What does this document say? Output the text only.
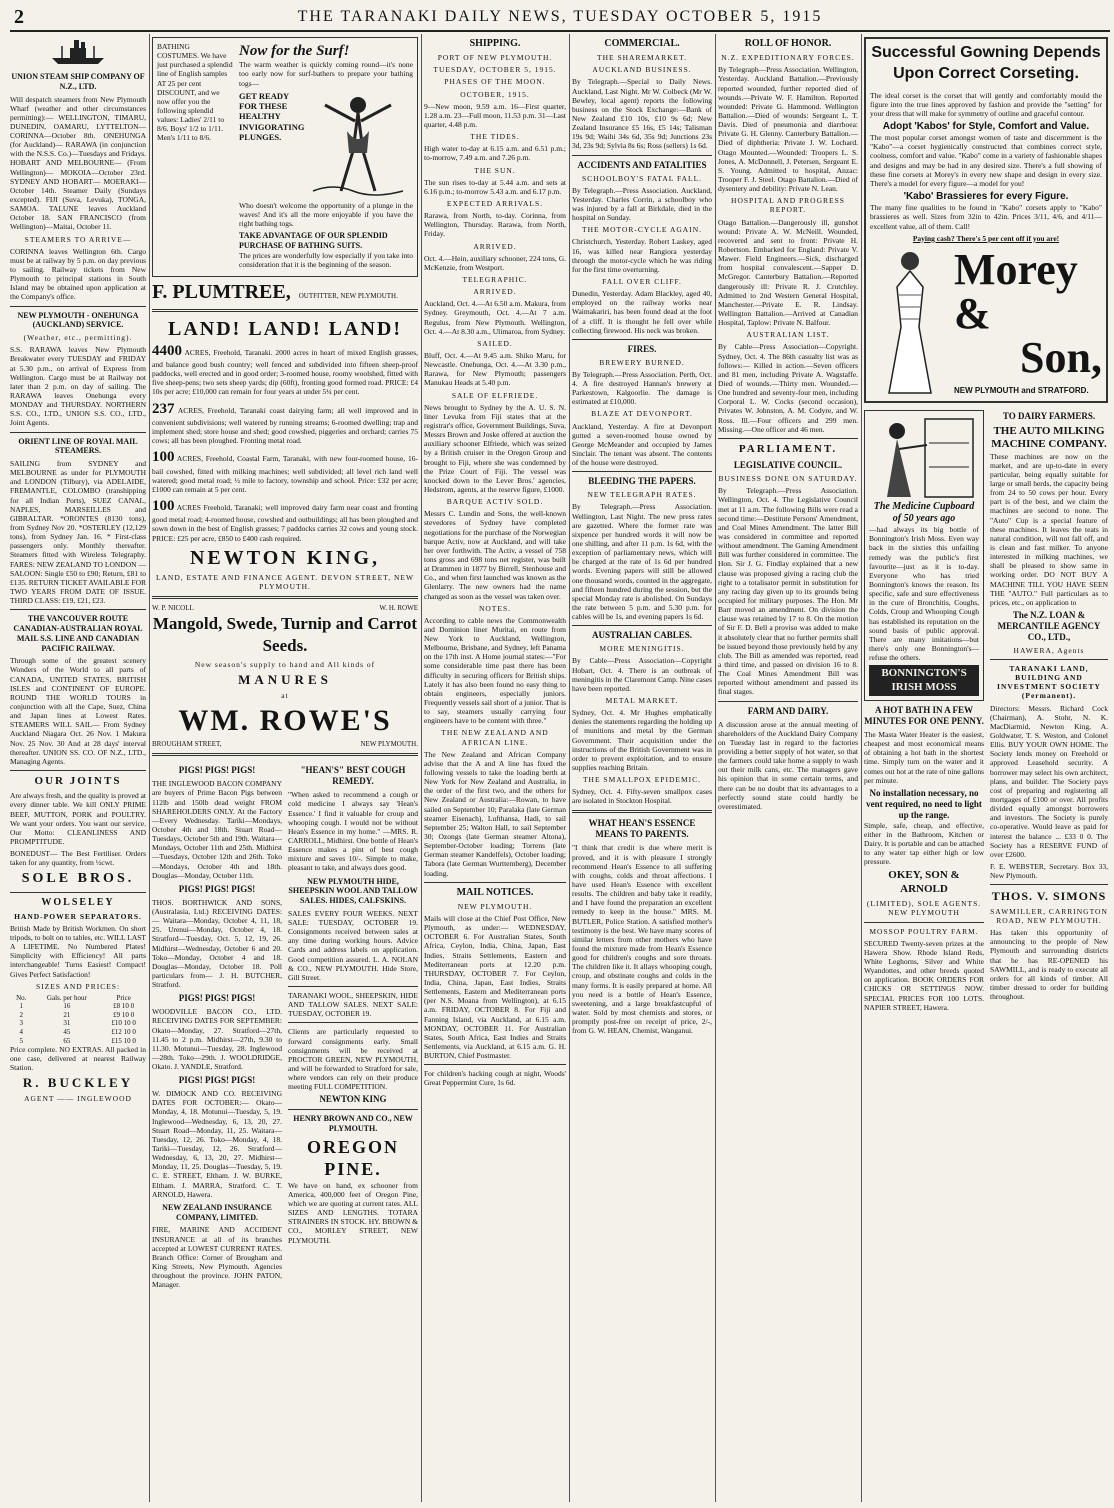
2	THE TARANAKI DAILY NEWS, TUESDAY OCTOBER 5, 1915
UNION STEAM SHIP COMPANY OF N.Z., LTD.

Will despatch steamers from New Plymouth Wharf (weather and other circumstances permitting):— WELLINGTON, TIMARU, DUNEDIN, OAMARU, LYTTELTON— CORINNA—October 8th. ONEHUNGA (for Auckland)— RARAWA (in conjunction with the N.S.S. Co.)—Tuesdays and Fridays. HOBART AND MELBOURNE— (From Wellington)— MOKOIA—October 23rd. SYDNEY AND HOBART— MOERAKI—October 14th. Steamer Daily (Sundays excepted). FIJI (Suva, Levuka), TONGA, SAMOA. TALUNE leaves Auckland October 18. SAN FRANCISCO (from Wellington)—Maitai, October 11.

STEAMERS TO ARRIVE—

CORINNA leaves Wellington 6th. Cargo must be at railway by 5 p.m. on day previous to sailing. Railway tickets from New Plymouth to principal stations in South Island may be obtained upon application at the Company's office.

NEW PLYMOUTH - ONEHUNGA (AUCKLAND) SERVICE.
(Weather, etc., permitting).

S.S. RARAWA leaves New Plymouth Breakwater every TUESDAY and FRIDAY at 5.30 p.m., on arrival of Express from Wellington. Cargo must be at Railway not later than 2 p.m. on day of sailing. The RARAWA leaves Onehunga every MONDAY and THURSDAY. NORTHERN S.S. CO., LTD., UNION S.S. CO., LTD., Joint Agents.

ORIENT LINE OF ROYAL MAIL STEAMERS.

SAILING from SYDNEY and MELBOURNE as under for PLYMOUTH and LONDON (Tilbury), via ADELAIDE, FREMANTLE, COLOMBO (transhipping for all Indian Ports), SUEZ CANAL, NAPLES, MARSEILLES and GIBRALTAR. *ORONTES (8130 tons), from Sydney Nov 20. *OSTERLEY (12,129 tons), from Sydney Jan. 16. * First-class passengers only. Monthly thereafter. Steamers fitted with Wireless Telegraphy. FARES: NEW ZEALAND TO LONDON —SALOON: Single £50 to £90; Return, £81 to £135. RETURN TICKET AVAILABLE FOR TWO YEARS FROM DATE OF ISSUE. THIRD CLASS: £19, £21, £23.

THE VANCOUVER ROUTE CANADIAN-AUSTRALIAN ROYAL MAIL S.S. LINE AND CANADIAN PACIFIC RAILWAY.

Through some of the greatest scenery Wonders of the World to all parts of CANADA, UNITED STATES, BRITISH ISLES and CONTINENT OF EUROPE. ROUND THE WORLD TOURS in conjunction with all the Cape, Suez, China and Japan lines at Lowest Rates. STEAMERS WILL SAIL— From Sydney Auckland Niagara Oct. 26 Nov. 1 Makura Nov. 25 Nov. 30 And at 28 days' interval thereafter. UNION SS. CO. OF N.Z., LTD., Managing Agents.

OUR JOINTS

Are always fresh, and the quality is proved at every dinner table. We kill ONLY PRIME BEEF, MUTTON, PORK and POULTRY. We want your orders. You want our service. Our Motto: CLEANLINESS AND PROMPTITUDE.

BONEDUST— The Best Fertiliser. Orders taken for any quantity, from ½cwt.

SOLE BROS.
WOLSELEY
HAND-POWER SEPARATORS.

British Made by British Workmen. On short tripods, to bolt on to tables, etc. WILL LAST A LIFETIME. No Numbered Plates! Simplicity with Efficiency! All parts interchangeable! Turns Easiest! Compact! Gives Perfect Satisfaction!

SIZES AND PRICES:
No.	Gals. per hour	Price
1	16	£8 10 0
2	21	£9 10 0
3	31	£10 10 0
4	45	£12 10 0
5	65	£15 10 0

Price complete. NO EXTRAS. All packed in one case, delivered at nearest Railway Station.

R. BUCKLEY
AGENT —— INGLEWOOD
BATHING COSTUMES. We have just purchased a splendid line of English samples AT 25 per cent DISCOUNT, and we now offer you the following splendid values: Ladies' 2/11 to 8/6. Boys' 1/2 to 1/11. Men's 1/11 to 8/6.
Now for the Surf!

The warm weather is quickly coming round—it's none too early now for surf-bathers to prepare your bathing togs—

GET READY FOR THESE HEALTHY INVIGORATING PLUNGES.

Who doesn't welcome the opportunity of a plunge in the waves! And it's all the more enjoyable if you have the right bathing togs.

TAKE ADVANTAGE OF OUR SPLENDID PURCHASE OF BATHING SUITS.

The prices are wonderfully low especially if you take into consideration that it is the beginning of the season.

F. PLUMTREE, OUTFITTER, NEW PLYMOUTH.
LAND! LAND! LAND!

4400 ACRES, Freehold, Taranaki. 2000 acres in heart of mixed English grasses, and balance good bush country; well fenced and subdivided into fifteen sheep-proof paddocks, well erected and in good order; 3-roomed house, roomy woolshed, fitted with five sheep-pens; two sets sheep yards; dip (60ft), fronting good formed road. PRICE: £4 10s per acre; £10,000 can remain for four years at under 5¼ per cent.

237 ACRES, Freehold, Taranaki coast dairying farm; all well improved and in convenient subdivisions; well watered by running streams; 6-roomed dwelling; trap and implement shed; store house and shed; good cowshed, piggeries and orchard; carries 75 cows; all has been ploughed. Fronting metal road.

100 ACRES, Freehold, Coastal Farm, Taranaki, with new four-roomed house, 16-bail cowshed, fitted with milking machines; well subdivided; all level rich land well watered; good metal road; ½ mile to factory, township and school. Price: £32 per acre; £1000 can remain at 5 per cent.

100 ACRES Freehold, Taranaki; well improved dairy farm near coast and fronting good metal road; 4-roomed house, cowshed and outbuildings; all has been ploughed and sown down in the best of English grasses; 7 paddocks carries 32 cows and young stock. PRICE: £25 per acre, £850 to £400 cash required.

NEWTON KING,
LAND, ESTATE AND FINANCE AGENT. DEVON STREET, NEW PLYMOUTH.
W. P. NICOLL	W. H. ROWE
Mangold, Swede, Turnip and Carrot Seeds.
New season's supply to hand and All kinds of
MANURES
at
WM. ROWE'S
BROUGHAM STREET,	NEW PLYMOUTH.
PIGS! PIGS! PIGS!

THE INGLEWOOD BACON COMPANY are buyers of Prime Bacon Pigs between 112lb and 150lb dead weight FROM SHAREHOLDERS ONLY. At the Factory—Every Wednesday. Tariki—Mondays, October 4th and 18th. Stuart Road—Tuesdays, October 5th and 19th. Waitara—Mondays, October 11th and 25th. Midhirst—Tuesdays, October 12th and 26th. Toko—Mondays, October 4th and 18th. Douglas—Monday, October 11th.

PIGS! PIGS! PIGS!

THOS. BORTHWICK AND SONS, (Australasia, Ltd.) RECEIVING DATES:— Waitara—Monday, October 4, 11, 18, 25. Urenui—Monday, October 4, 18. Stratford—Tuesday, Oct. 5, 12, 19, 26. Midhirst—Wednesday, October 6 and 20. Toko—Monday, October 4 and 18. Douglas—Monday, October 18. Poll particulars from— J. H. BUTCHER, Stratford.

PIGS! PIGS! PIGS!

WOODVILLE BACON CO., LTD. RECEIVING DATES FOR SEPTEMBER: Okato—Monday, 27. Stratford—27th, 11.45 to 2 p.m. Midhirst—27th, 9.30 to 11.30. Motunui—Tuesday, 28. Inglewood—28th. Toko—29th. J. WOOLDRIDGE, Okato. J. YANDLE, Stratford.

PIGS! PIGS! PIGS!

W. DIMOCK AND CO. RECEIVING DATES FOR OCTOBER:— Okato—Monday, 4, 18. Motunui—Tuesday, 5, 19. Inglewood—Wednesday, 6, 13, 20, 27. Stuart Road—Monday, 11, 25. Waitara—Tuesday, 12, 26. Toko—Monday, 4, 18. Tariki—Tuesday, 12, 26. Stratford—Wednesday, 6, 13, 20, 27. Midhirst—Monday, 11, 25. Douglas—Tuesday, 5, 19. C. E. STREET, Eltham. J. W. BURKE, Eltham. J. MARRA, Stratford. C. T. ARNOLD, Hawera.

NEW ZEALAND INSURANCE COMPANY, LIMITED.

FIRE, MARINE AND ACCIDENT INSURANCE at all of its branches accepted at LOWEST CURRENT RATES. Branch Office: Corner of Brougham and King Streets, New Plymouth. Agencies throughout the province. JOHN PATON, Manager.

"HEAN'S" BEST COUGH REMEDY.

"When asked to recommend a cough or cold medicine I always say 'Hean's Essence.' I find it valuable for croup and whooping cough. I would not be without Hean's Essence in my home." —MRS. R. CARROLL, Midhirst. One bottle of Hean's Essence makes a pint of best cough mixture and saves 10/-. Simple to make, pleasant to take, and always does good.

NEW PLYMOUTH HIDE, SHEEPSKIN WOOL AND TALLOW SALES. HIDES, CALFSKINS.

SALES EVERY FOUR WEEKS. NEXT SALE: TUESDAY, OCTOBER 19. Consignments received between sales at any time during working hours. Advice Cards and address labels on application. Good competition assured. L. A. NOLAN & CO., NEW PLYMOUTH. Hide Store, Gill Street.

TARANAKI WOOL, SHEEPSKIN, HIDE AND TALLOW SALES. NEXT SALE: TUESDAY, OCTOBER 19.

Clients are particularly requested to forward consignments early. Small consignments will be received at PROCTOR GREEN, NEW PLYMOUTH, and will be forwarded to Stratford for sale, where vendors can rely on their produce meeting FULL COMPETITION.

NEWTON KING
HENRY BROWN AND CO., NEW PLYMOUTH.
OREGON PINE.

We have on hand, ex schooner from America, 400,000 feet of Oregon Pine, which we are quoting at current rates. ALL SIZES AND LENGTHS. TOTARA STRAINERS IN STOCK. HY. BROWN & CO., MORLEY STREET, NEW PLYMOUTH.

SHIPPING.
PORT OF NEW PLYMOUTH.
TUESDAY, OCTOBER 5, 1915.
PHASES OF THE MOON.
OCTOBER, 1915.

9—New moon, 9.59 a.m. 16—First quarter, 1.28 a.m. 23—Full moon, 11.53 p.m. 31—Last quarter, 4.48 p.m.

THE TIDES.

High water to-day at 6.15 a.m. and 6.51 p.m.; to-morrow, 7.49 a.m. and 7.26 p.m.

THE SUN.

The sun rises to-day at 5.44 a.m. and sets at 6.16 p.m.; to-morrow 5.43 a.m. and 6.17 p.m.

EXPECTED ARRIVALS.

Rarawa, from North, to-day. Corinna, from Wellington, Thursday. Rarawa, from North, Friday.

ARRIVED.

Oct. 4.—Hein, auxiliary schooner, 224 tons, G. McKenzie, from Westport.

TELEGRAPHIC.
ARRIVED.

Auckland, Oct. 4.—At 6.50 a.m. Makura, from Sydney. Greymouth, Oct. 4.—At 7 a.m. Regulus, from New Plymouth. Wellington, Oct. 4.—At 8.30 a.m., Ulimaroa, from Sydney.

SAILED.

Bluff, Oct. 4.—At 9.45 a.m. Shiko Maru, for Newcastle. Onehunga, Oct. 4.—At 3.30 p.m., Rarawa, for New Plymouth; passengers Manukau Heads at 5.40 p.m.

SALE OF ELFRIEDE.

News brought to Sydney by the A. U. S. N. liner Levuka from Fiji states that at the registrar's office, Government Buildings, Suva, Messrs Brown and Joske offered at auction the auxiliary schooner Elfriede, which was seized by a British cruiser in the Oregon Group and brought to Fiji, where she was condemned by the Prize Court of Fiji. The vessel was knocked down to the Lever Bros.' agencies, Hedstrom, agents, at the reserve figure, £1000.

BARQUE ACTIV SOLD.

Messrs C. Lundin and Sons, the well-known stevedores of Sydney have completed negotiations for the purchase of the Norwegian barque Activ, now at Auckland, and will take her over forthwith. The Activ, a vessel of 758 tons gross and 698 tons net register, was built at Drammen in 1877 by Birrell, Stenhouse and Co., and when first launched was known as the Glenlarry. The new owners had the name changed as soon as the vessel was taken over.

NOTES.

According to cable news the Commonwealth and Dominion liner Muritai, en route from New York to Auckland, Wellington, Melbourne, Brisbane, and Sydney, left Panama on the 17th inst. A Home journal states:—"For some considerable time past there has been difficulty in securing officers for British ships. Lately it has also been found no easy thing to obtain engineers, especially juniors. Frequently vessels sail short of a junior. That is to say, steamers usually carrying four engineers have to be content with three."

THE NEW ZEALAND AND AFRICAN LINE.

The New Zealand and African Company advise that the A and A line has fixed the following vessels to take the loading berth at New York for New Zealand and Australia, in the order of the first two, and the others for New Zealand or Australia:—Rowan, to have sailed on September 10; Paralaka (late German steamer Eisenach), Lufthansa, Hadi, to sail September 25; Walton Hall, to sail September 30; Ozongs (late German steamer Altona), September-October loading; Torrens (late German steamer Kandelfels), October loading; Tabora (late German Wurttemberg), December loading.

MAIL NOTICES.
NEW PLYMOUTH.

Mails will close at the Chief Post Office, New Plymouth, as under:— WEDNESDAY, OCTOBER 6. For Australian States, South Africa, Ceylon, India, China, Japan, East Indies, Straits Settlements, Eastern and Mediterranean ports at 12.20 p.m. THURSDAY, OCTOBER 7. For Ceylon, India, China, Japan, East Indies, Straits Settlements, Eastern and Mediterranean ports (per N.S. Moana from Wellington), at 6.15 a.m. FRIDAY, OCTOBER 8. For Fiji and Fanning Island, via Auckland, at 6.15 a.m. MONDAY, OCTOBER 11. For Australian States, South Africa, East Indies and Straits Settlements, via Auckland, at 6.15 a.m. G. H. BURTON, Chief Postmaster.

For children's hacking cough at night, Woods' Great Peppermint Cure, 1s 6d.

COMMERCIAL.
THE SHAREMARKET.
AUCKLAND BUSINESS.

By Telegraph.—Special to Daily News. Auckland, Last Night. Mr W. Colbeck (Mr W. Bewley, local agent) reports the following business on the Stock Exchange:—Bank of New Zealand £10 10s, £10 9s 6d; New Zealand Insurance £5 16s, £5 14s; Talisman 19s 9d; Waihi 34s 6d, 35s 9d; Junctions 23s 3d, 23s 9d; Sylvia 8s 6s; Ross (sellers) 1s 6d.

ACCIDENTS AND FATALITIES
SCHOOLBOY'S FATAL FALL.

By Telegraph.—Press Association. Auckland, Yesterday. Charles Corrin, a schoolboy who was injured by a fall at Birkdale, died in the hospital on Sunday.

THE MOTOR-CYCLE AGAIN.

Christchurch, Yesterday. Robert Laskey, aged 16, was killed near Rangiora yesterday through the motor-cycle which he was riding for the first time overturning.

FALL OVER CLIFF.

Dunedin, Yesterday. Adam Blackley, aged 40, employed on the railway works near Waimakariri, has been found dead at the foot of a cliff. It is thought he fell over while collecting firewood. His neck was broken.

FIRES.
BREWERY BURNED.

By Telegraph.—Press Association. Perth, Oct. 4. A fire destroyed Hannan's brewery at Parkestown, Kalgoorlie. The damage is estimated at £10,000.

BLAZE AT DEVONPORT.

Auckland, Yesterday. A fire at Devonport gutted a seven-roomed house owned by George McMeander and occupied by James Sinclair. The tenant was absent. The contents of the house were destroyed.

BLEEDING THE PAPERS.
NEW TELEGRAPH RATES.

By Telegraph.—Press Association. Wellington, Last Night. The new press rates are gazetted. Where the former rate was sixpence per hundred words it will now be one shilling, and after 11 p.m. 1s 6d, with the exception of parliamentary news, which will be charged at the rate of 1s 6d per hundred words. Evening papers will still be allowed one thousand words, counted in the aggregate, and fifteen hundred during the session, but the special Monday rate is abolished. On Sundays the rate between 5 p.m. and 5.30 p.m. for cables will be 1s, and evening papers 1s 6d.

AUSTRALIAN CABLES.
MORE MENINGITIS.

By Cable—Press Association—Copyright Hobart, Oct. 4. There is an outbreak of meningitis in the Claremont Camp. Nine cases have been reported.

METAL MARKET.

Sydney, Oct. 4. Mr Hughes emphatically denies the statements regarding the holding up of munitions and metal by the German Government. Their acquisition under the instructions of the British Government was in order to prevent exploitation, and to ensure supplies reaching Britain.

THE SMALLPOX EPIDEMIC.

Sydney, Oct. 4. Fifty-seven smallpox cases are isolated in Stockton Hospital.

WHAT HEAN'S ESSENCE MEANS TO PARENTS.

"I think that credit is due where merit is proved, and it is with pleasure I strongly recommend Hean's Essence to all suffering with coughs, colds and throat affections. I have used Hean's Essence with excellent results. The children and baby take it readily, and I have found the preparation an excellent remedy to keep in the house." MRS. M. BUTLER, Police Station. A satisfied mother's testimony is the best. We have many scores of similar letters from other mothers who have found the mixture made from Hean's Essence good for children's coughs and sore throats. The children like it. It allays whooping cough, croup, and obstinate coughs and colds in the many forms. It is easily prepared at home. All you need is a bottle of Hean's Essence, sweetening, and a large breakfastcupful of water. Sold by most chemists and stores, or promptly post-free on receipt of price, 2/-, from G. W. HEAN, Chemist, Wanganui.

ROLL OF HONOR.
N.Z. EXPEDITIONARY FORCES.

By Telegraph—Press Association. Wellington, Yesterday. Auckland Battalion.—Previously reported wounded, further reported died of wounds.—Private W. F. Hamilton. Reported wounded: Private G. Hammond. Wellington Battalion.—Died of wounds: Sergeant L. T. Davis. Died of pneumonia and diarrhoea: Private G. H. Glenny. Canterbury Battalion.—Died of diphtheria: Private J. W. Lochard. Otago Mounted.—Wounded: Troopers L. S. Jones, A. McDonnell, J. Petersen, Sergeant E. S. Young. Admitted to hospital, Anzac: Trooper F. J. Steel. Otago Battalion.—Died of dysentery and debility: Private N. Lean.

HOSPITAL AND PROGRESS REPORT.

Otago Battalion.—Dangerously ill, gunshot wound: Private A. W. McNeill. Wounded, recovered and sent to front: Private H. Robertson. Embarked for England: Private V. Mawer. Field Engineers.—Sick, discharged from hospital convalescent.—Sapper D. McGregor. Canterbury Battalion.—Reported dangerously ill: Private R. J. Crutchley. Admitted to 2nd Western General Hospital, Manchester.—Private E. R. Lindsay. Wellington Battalion.—Arrived at Canadian Hospital, Taplow: Private N. Balfour.

AUSTRALIAN LIST.

By Cable—Press Association—Copyright. Sydney, Oct. 4. The 86th casualty list was as follows:— Killed in action.—Seven officers and 81 men, including Private A. Wagstaffe. Died of wounds.—Thirty men. Wounded.—One hundred and seventy-four men, including Corporal L. W. Cocks (second occasion), Privates W. Johnston, A. M. Codyre, and W. Ross. Ill.—Four officers and 299 men. Missing.—One officer and 46 men.

PARLIAMENT.
LEGISLATIVE COUNCIL.
BUSINESS DONE ON SATURDAY.

By Telegraph.—Press Association. Wellington, Oct. 4. The Legislative Council met at 11 a.m. The following Bills were read a second time:—Destitute Persons' Amendment, and Coal Mines Amendment. The latter Bill was considered in committee and reported without amendment. The Gaming Amendment Bill was further considered in committee. The Hon. Sir J. G. Findlay explained that a new clause was proposed giving a racing club the right to a totalisator permit in substitution for any racing day given up to its grounds being occupied for military purposes. The Hon. Mr Barr moved an amendment. On division the clause was retained by 17 to 8. On the motion of Sir F. D. Bell a proviso was added to make it absolutely clear that no further permits shall be issued beyond those previously held by any club. The Bill as amended was reported, read a third time, and passed on division 16 to 8. The Coal Mines Amendment Bill was reported without amendment and passed its final stages.

FARM AND DAIRY.

A discussion arose at the annual meeting of shareholders of the Auckland Dairy Company on Tuesday last in regard to the factories providing a better supply of hot water, so that the farmers could take home a supply to wash out their milk cans, etc. The managers gave his opinion that in some certain terms, and there can be no doubt that its advantages to a perfectly sound state could hardly be overestimated.

Successful Gowning Depends Upon Correct Corseting.

The ideal corset is the corset that will gently and comfortably mould the figure into the true lines approved by fashion and provide the "setting" for your dress that will make for symmetry of outline and graceful contour.

Adopt 'Kabos' for Style, Comfort and Value.

The most popular corset amongst women of taste and discernment is the "Kabo"—a corset hygienically constructed that combines correct style, coolness, comfort and value. "Kabo" come in a variety of fashionable shapes and designs and may be had in any desired size. There's a full showing of these fine corsets at Morey's in every new shape and design in every size. There's a model for every figure—a model for you!

'Kabo' Brassieres for every Figure.

The many fine qualities to be found in "Kabo" corsets apply to "Kabo" brassieres as well. Sizes from 32in to 42in. Prices 3/11, 4/6, and 4/11—excellent value, all of them. Call!

Paying cash? There's 5 per cent off if you are!
Morey &
Son,
NEW PLYMOUTH and STRATFORD.
The Medicine Cupboard of 50 years ago

—had always its big bottle of Bonnington's Irish Moss. Even way back in the sixties this unfailing remedy was the public's first favourite—just as it is to-day. Everyone who has tried Bonnington's knows the reason. Its specific, safe and sure effectiveness in the cure of Bronchitis, Coughs, Colds, Croup and Whooping Cough has established its reputation on the sound basis of public approval. There are many imitations—but there's only one Bonnington's—refuse the others.

BONNINGTON'S IRISH MOSS
A HOT BATH IN A FEW MINUTES FOR ONE PENNY.

The Masta Water Heater is the easiest, cheapest and most economical means of obtaining a hot bath in the shortest time. Simply turn on the water and it comes out hot at the rate of nine gallons per minute.

No installation necessary, no vent required, no need to light up the range.

Simple, safe, cheap, and effective, either in the Bathroom, Kitchen or Dairy. It is portable and can be attached to any water tap either high or low pressure.

OKEY, SON & ARNOLD
(LIMITED), SOLE AGENTS. NEW PLYMOUTH
MOSSOP POULTRY FARM.

SECURED Twenty-seven prizes at the Hawera Show. Rhode Island Reds, White Leghorns, Silver and White Wyandottes, and other breeds quoted on application. BOOK ORDERS FOR CHICKS OR SETTINGS NOW. SPECIAL PRICES FOR 100 LOTS. NAPIER STREET, Hawera.

TO DAIRY FARMERS.
THE AUTO MILKING MACHINE COMPANY.

These machines are now on the market, and are up-to-date in every particular, being equally suitable for large or small herds, the capacity being from 24 to 50 cows per hour. Every part is of the best, and we claim the machines are second to none. The "Auto" Cup is a special feature of these machines. It leaves the teats in natural condition, will not fall off, and is clean and fast milker. To anyone interested in milking machines, we shall be pleased to show same in working order. DO NOT BUY A MACHINE TILL YOU HAVE SEEN THE "AUTO." Full particulars as to prices, etc., on application to

The N.Z. LOAN & MERCANTILE AGENCY CO., LTD.,
HAWERA, Agents
TARANAKI LAND, BUILDING AND INVESTMENT SOCIETY (Permanent).

Directors: Messrs. Richard Cock (Chairman), A. Stohr, N. K. MacDiarmid, Newton King, A. Goldwater, T. S. Weston, and Colonel Ellis. BUY YOUR OWN HOME. The Society lends money on Freehold or approved Leasehold security. A borrower may select his own architect, plans, and builder. The Society pays cost of preparing and registering all mortgages of £100 or over. All profits divided equally amongst borrowers and investors. The Society is purely co-operative. Would leave as paid for interest the balance ... £33 0 0. The Society has a RESERVE FUND of over £2600.

F. E. WEBSTER, Secretary. Box 33, New Plymouth.

THOS. V. SIMONS
SAWMILLER, CARRINGTON ROAD, NEW PLYMOUTH.

Has taken this opportunity of announcing to the people of New Plymouth and surrounding districts that he has RE-OPENED his SAWMILL, and is ready to execute all orders for all kinds of timber. All timber dressed to order for building throughout.
